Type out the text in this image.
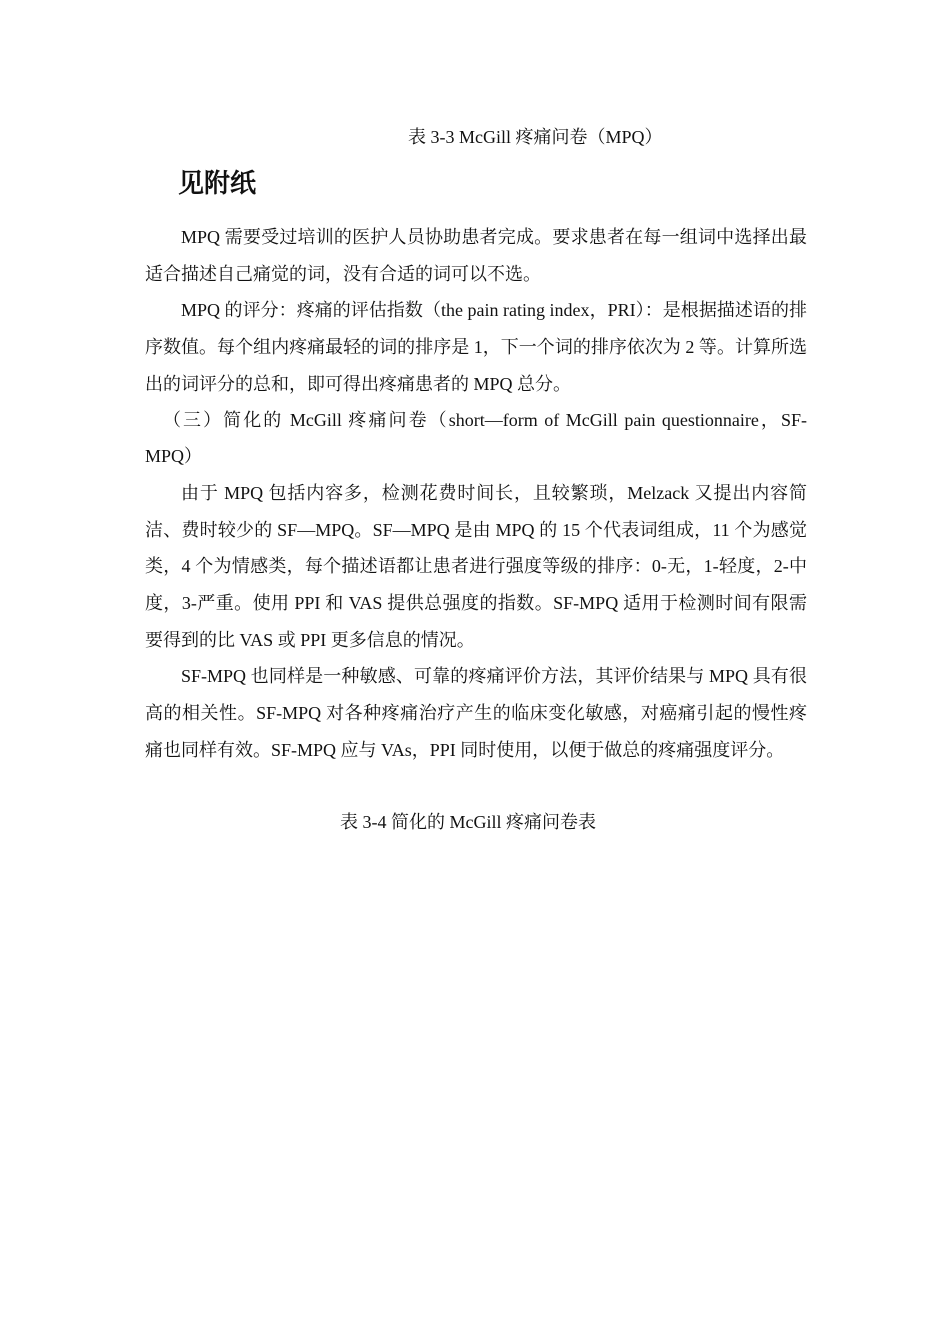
表 3-3 McGill 疼痛问卷（MPQ）
见附纸

MPQ 需要受过培训的医护人员协助患者完成。要求患者在每一组词中选择出最适合描述自己痛觉的词，没有合适的词可以不选。

MPQ 的评分：疼痛的评估指数（the pain rating index，PRI）：是根据描述语的排序数值。每个组内疼痛最轻的词的排序是 1，下一个词的排序依次为 2 等。计算所选出的词评分的总和，即可得出疼痛患者的 MPQ 总分。

（三）简化的 McGill 疼痛问卷（short—form of McGill pain questionnaire，SF-MPQ）

由于 MPQ 包括内容多，检测花费时间长，且较繁琐，Melzack 又提出内容简洁、费时较少的 SF—MPQ。SF—MPQ 是由 MPQ 的 15 个代表词组成，11 个为感觉类，4 个为情感类，每个描述语都让患者进行强度等级的排序：0-无，1-轻度，2-中度，3-严重。使用 PPI 和 VAS 提供总强度的指数。SF-MPQ 适用于检测时间有限需要得到的比 VAS 或 PPI 更多信息的情况。

SF-MPQ 也同样是一种敏感、可靠的疼痛评价方法，其评价结果与 MPQ 具有很高的相关性。SF-MPQ 对各种疼痛治疗产生的临床变化敏感，对癌痛引起的慢性疼痛也同样有效。SF-MPQ 应与 VAs，PPI 同时使用，以便于做总的疼痛强度评分。

表 3-4 简化的 McGill 疼痛问卷表
